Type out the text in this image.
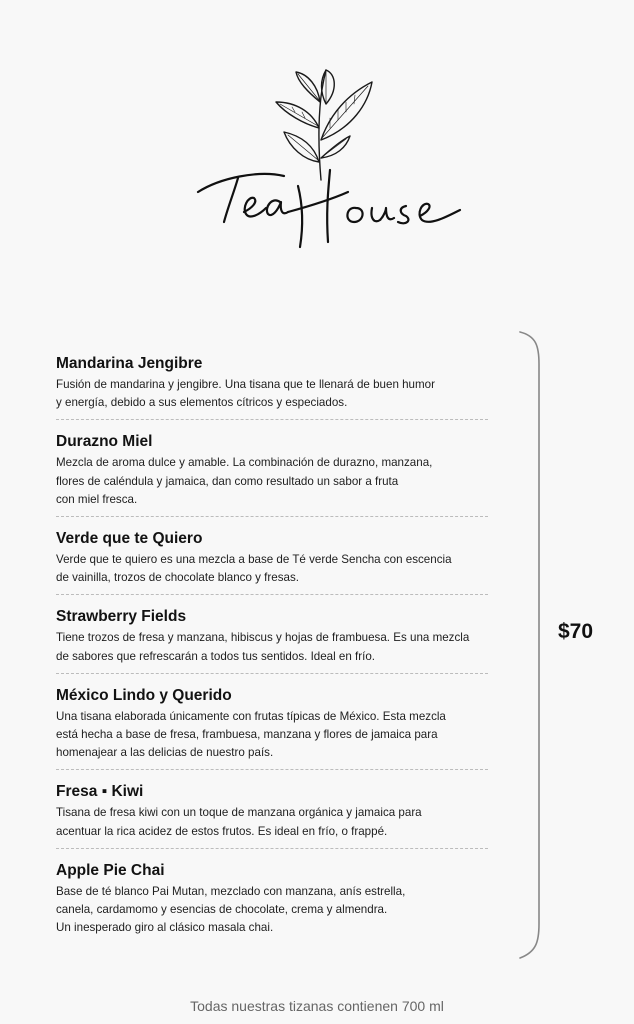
$70
Mandarina Jengibre
Fusión de mandarina y jengibre. Una tisana que te llenará de buen humor
y energía, debido a sus elementos cítricos y especiados.
Durazno Miel
Mezcla de aroma dulce y amable. La combinación de durazno, manzana,
flores de caléndula y jamaica, dan como resultado un sabor a fruta
con miel fresca.
Verde que te Quiero
Verde que te quiero es una mezcla a base de Té verde Sencha con escencia
de vainilla, trozos de chocolate blanco y fresas.
Strawberry Fields
Tiene trozos de fresa y manzana, hibiscus y hojas de frambuesa. Es una mezcla
de sabores que refrescarán a todos tus sentidos. Ideal en frío.
México Lindo y Querido
Una tisana elaborada únicamente con frutas típicas de México. Esta mezcla
está hecha a base de fresa, frambuesa, manzana y flores de jamaica para
homenajear a las delicias de nuestro país.
Fresa ▪ Kiwi
Tisana de fresa kiwi con un toque de manzana orgánica y jamaica para
acentuar la rica acidez de estos frutos. Es ideal en frío, o frappé.
Apple Pie Chai
Base de té blanco Pai Mutan, mezclado con manzana, anís estrella,
canela, cardamomo y esencias de chocolate, crema y almendra.
Un inesperado giro al clásico masala chai.
Todas nuestras tizanas contienen 700 ml
